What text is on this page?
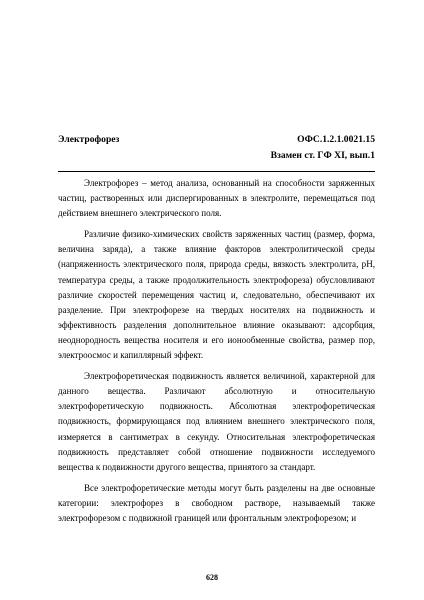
Электрофорез	ОФС.1.2.1.0021.15
Взамен ст. ГФ XI, вып.1

Электрофорез – метод анализа, основанный на способности заряженных частиц, растворенных или диспергированных в электролите, перемещаться под действием внешнего электрического поля.

Различие физико-химических свойств заряженных частиц (размер, форма, величина заряда), а также влияние факторов электролитической среды (напряженность электрического поля, природа среды, вязкость электролита, pH, температура среды, а также продолжительность электрофореза) обусловливают различие скоростей перемещения частиц и, следовательно, обеспечивают их разделение. При электрофорезе на твердых носителях на подвижность и эффективность разделения дополнительное влияние оказывают: адсорбция, неоднородность вещества носителя и его ионообменные свойства, размер пор, электроосмос и капиллярный эффект.

Электрофоретическая подвижность является величиной, характерной для данного вещества. Различают абсолютную и относительную электрофоретическую подвижность. Абсолютная электрофоретическая подвижность, формирующаяся под влиянием внешнего электрического поля, измеряется в сантиметрах в секунду. Относительная электрофоретическая подвижность представляет собой отношение подвижности исследуемого вещества к подвижности другого вещества, принятого за стандарт.

Все электрофоретические методы могут быть разделены на две основные категории: электрофорез в свободном растворе, называемый также электрофорезом с подвижной границей или фронтальным электрофорезом; и

628
